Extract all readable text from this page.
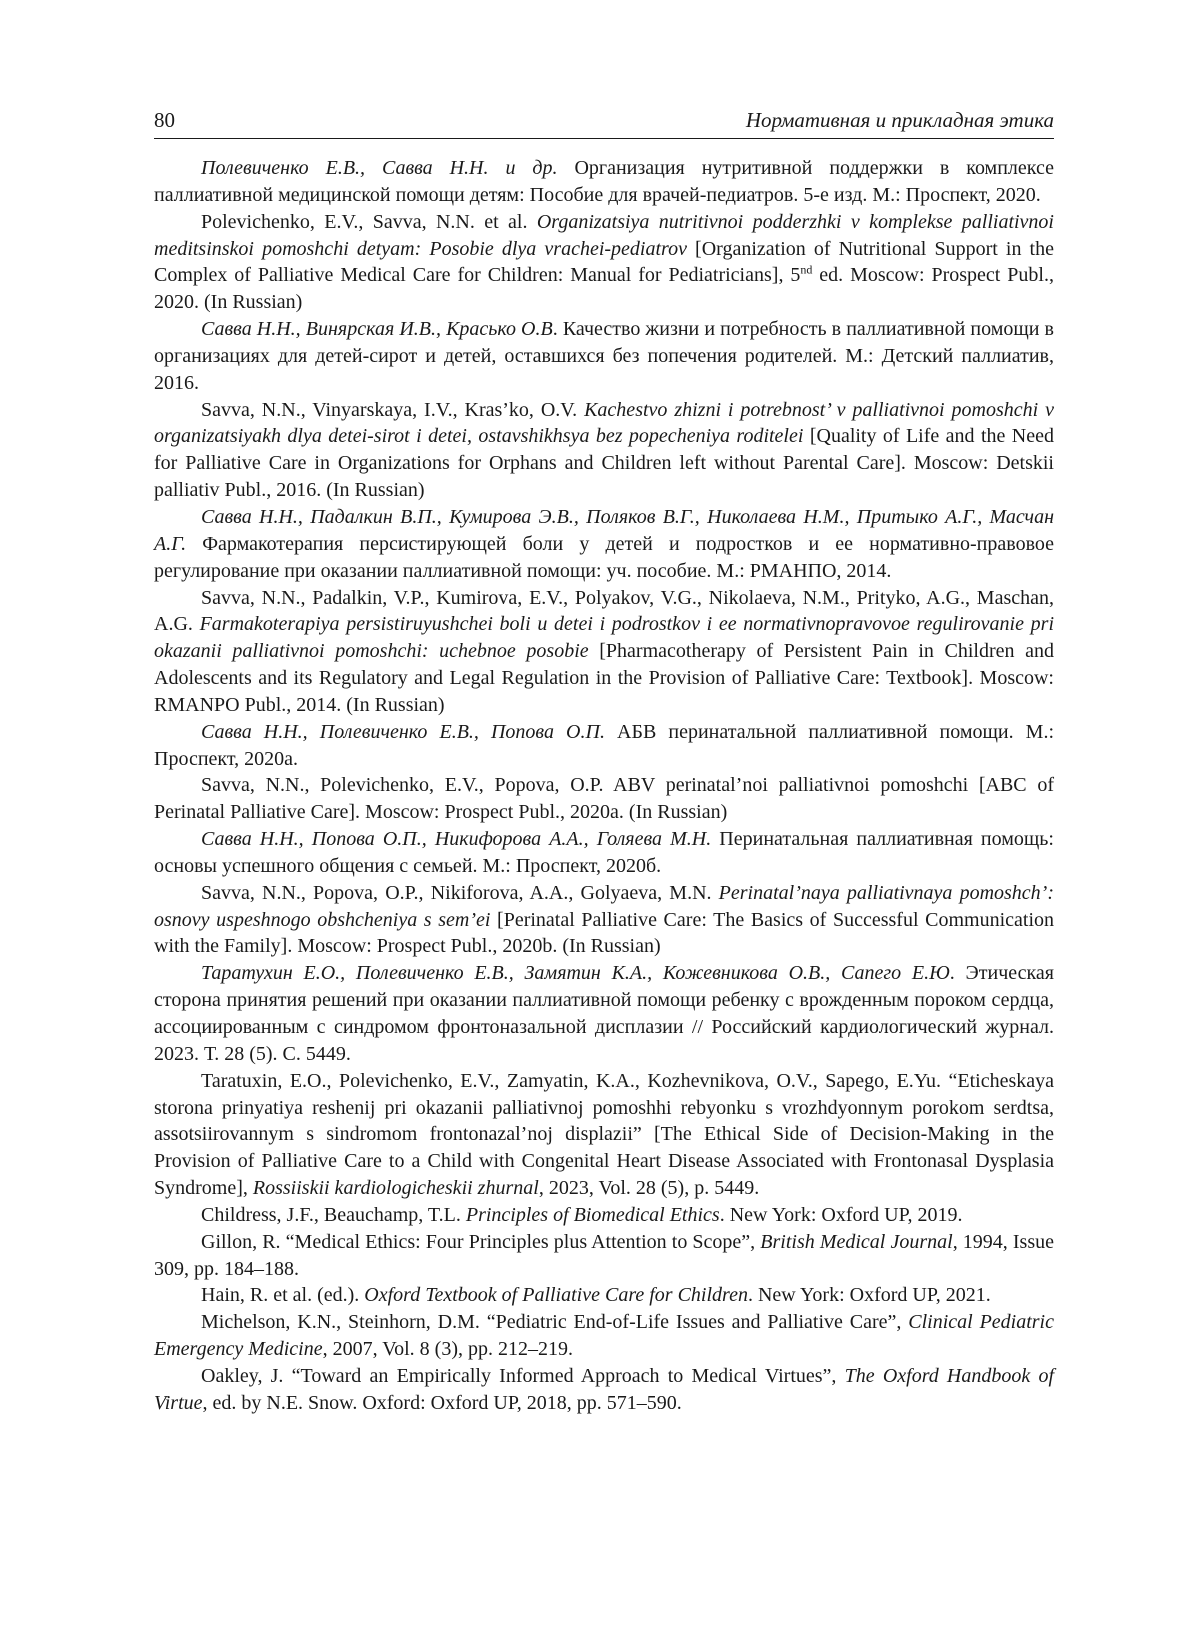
80	Нормативная и прикладная этика

Полевиченко Е.В., Савва Н.Н. и др. Организация нутритивной поддержки в комплексе паллиативной медицинской помощи детям: Пособие для врачей-педиатров. 5-е изд. М.: Проспект, 2020.

Polevichenko, E.V., Savva, N.N. et al. Organizatsiya nutritivnoi podderzhki v komplekse palliativnoi meditsinskoi pomoshchi detyam: Posobie dlya vrachei-pediatrov [Organization of Nutritional Support in the Complex of Palliative Medical Care for Children: Manual for Pediatricians], 5nd ed. Moscow: Prospect Publ., 2020. (In Russian)

Савва Н.Н., Винярская И.В., Красько О.В. Качество жизни и потребность в паллиативной помощи в организациях для детей-сирот и детей, оставшихся без попечения родителей. М.: Детский паллиатив, 2016.

Savva, N.N., Vinyarskaya, I.V., Kras’ko, O.V. Kachestvo zhizni i potrebnost’ v palliativnoi pomoshchi v organizatsiyakh dlya detei-sirot i detei, ostavshikhsya bez popecheniya roditelei [Quality of Life and the Need for Palliative Care in Organizations for Orphans and Children left without Parental Care]. Moscow: Detskii palliativ Publ., 2016. (In Russian)

Савва Н.Н., Падалкин В.П., Кумирова Э.В., Поляков В.Г., Николаева Н.М., Притыко А.Г., Масчан А.Г. Фармакотерапия персистирующей боли у детей и подростков и ее нормативно-правовое регулирование при оказании паллиативной помощи: уч. пособие. М.: РМАНПО, 2014.

Savva, N.N., Padalkin, V.P., Kumirova, E.V., Polyakov, V.G., Nikolaeva, N.M., Prityko, A.G., Maschan, A.G. Farmakoterapiya persistiruyushchei boli u detei i podrostkov i ee normativnopravovoe regulirovanie pri okazanii palliativnoi pomoshchi: uchebnoe posobie [Pharmacotherapy of Persistent Pain in Children and Adolescents and its Regulatory and Legal Regulation in the Provision of Palliative Care: Textbook]. Moscow: RMANPO Publ., 2014. (In Russian)

Савва Н.Н., Полевиченко Е.В., Попова О.П. АБВ перинатальной паллиативной помощи. М.: Проспект, 2020a.

Savva, N.N., Polevichenko, E.V., Popova, O.P. ABV perinatal’noi palliativnoi pomoshchi [ABC of Perinatal Palliative Care]. Moscow: Prospect Publ., 2020a. (In Russian)

Савва Н.Н., Попова О.П., Никифорова А.А., Голяева М.Н. Перинатальная паллиативная помощь: основы успешного общения с семьей. М.: Проспект, 2020б.

Savva, N.N., Popova, O.P., Nikiforova, A.A., Golyaeva, M.N. Perinatal’naya palliativnaya pomoshch’: osnovy uspeshnogo obshcheniya s sem’ei [Perinatal Palliative Care: The Basics of Successful Communication with the Family]. Moscow: Prospect Publ., 2020b. (In Russian)

Таратухин Е.О., Полевиченко Е.В., Замятин К.А., Кожевникова О.В., Сапего Е.Ю. Этическая сторона принятия решений при оказании паллиативной помощи ребенку с врожденным пороком сердца, ассоциированным с синдромом фронтоназальной дисплазии // Российский кардиологический журнал. 2023. Т. 28 (5). С. 5449.

Taratuxin, E.O., Polevichenko, E.V., Zamyatin, K.A., Kozhevnikova, O.V., Sapego, E.Yu. “Eticheskaya storona prinyatiya reshenij pri okazanii palliativnoj pomoshhi rebyonku s vrozhdyonnym porokom serdtsa, assotsiirovannym s sindromom frontonazal’noj displazii” [The Ethical Side of Decision-Making in the Provision of Palliative Care to a Child with Congenital Heart Disease Associated with Frontonasal Dysplasia Syndrome], Rossiiskii kardiologicheskii zhurnal, 2023, Vol. 28 (5), p. 5449.

Childress, J.F., Beauchamp, T.L. Principles of Biomedical Ethics. New York: Oxford UP, 2019.

Gillon, R. “Medical Ethics: Four Principles plus Attention to Scope”, British Medical Journal, 1994, Issue 309, pp. 184–188.

Hain, R. et al. (ed.). Oxford Textbook of Palliative Care for Children. New York: Oxford UP, 2021.

Michelson, K.N., Steinhorn, D.M. “Pediatric End-of-Life Issues and Palliative Care”, Clinical Pediatric Emergency Medicine, 2007, Vol. 8 (3), pp. 212–219.

Oakley, J. “Toward an Empirically Informed Approach to Medical Virtues”, The Oxford Handbook of Virtue, ed. by N.E. Snow. Oxford: Oxford UP, 2018, pp. 571–590.
